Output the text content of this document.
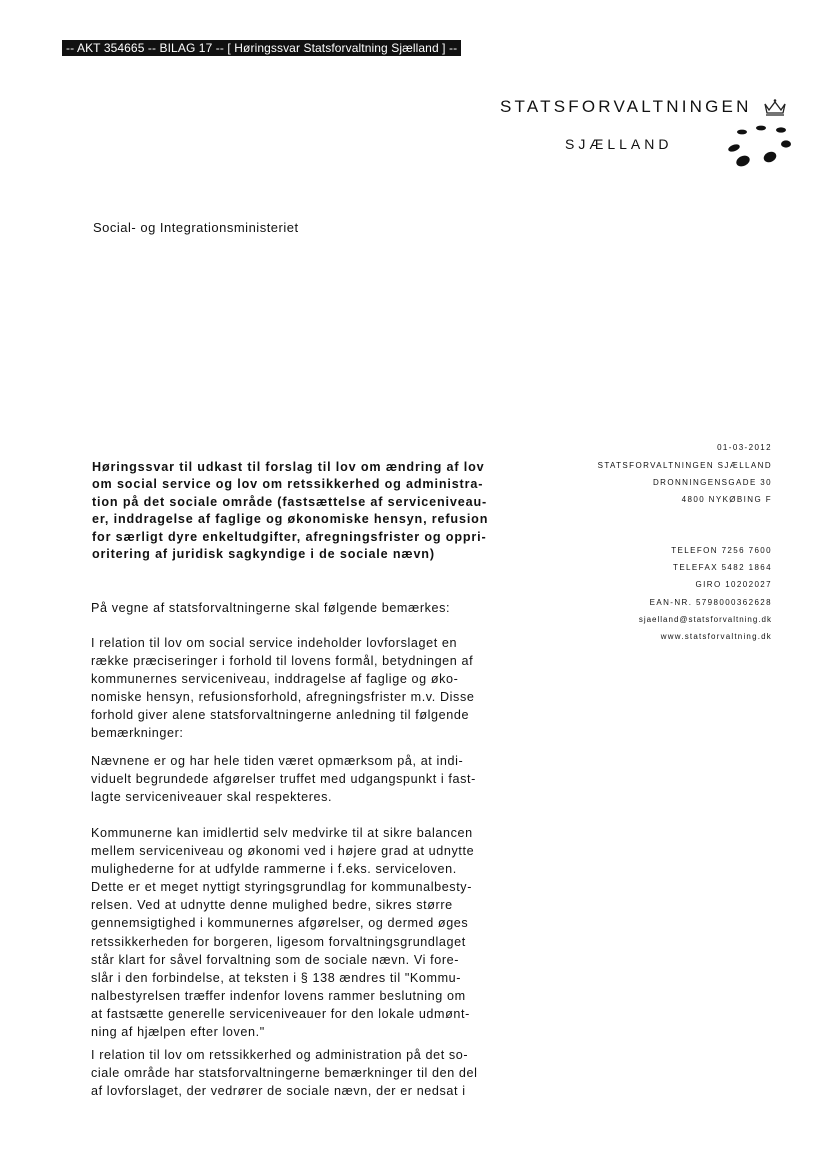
-- AKT 354665 -- BILAG 17 -- [ Høringssvar Statsforvaltning Sjælland ] --
STATSFORVALTNINGEN
SJÆLLAND
Social- og Integrationsministeriet
01-03-2012
STATSFORVALTNINGEN SJÆLLAND
DRONNINGENSGADE 30
4800 NYKØBING F
TELEFON 7256 7600
TELEFAX 5482 1864
GIRO 10202027
EAN-NR. 5798000362628
sjaelland@statsforvaltning.dk
www.statsforvaltning.dk
Høringssvar til udkast til forslag til lov om ændring af lov
om social service og lov om retssikkerhed og administra-
tion på det sociale område (fastsættelse af serviceniveau-
er, inddragelse af faglige og økonomiske hensyn, refusion
for særligt dyre enkeltudgifter, afregningsfrister og oppri-
oritering af juridisk sagkyndige i de sociale nævn)
På vegne af statsforvaltningerne skal følgende bemærkes:
I relation til lov om social service indeholder lovforslaget en
række præciseringer i forhold til lovens formål, betydningen af
kommunernes serviceniveau, inddragelse af faglige og øko-
nomiske hensyn, refusionsforhold, afregningsfrister m.v. Disse
forhold giver alene statsforvaltningerne anledning til følgende
bemærkninger:
Nævnene er og har hele tiden været opmærksom på, at indi-
viduelt begrundede afgørelser truffet med udgangspunkt i fast-
lagte serviceniveauer skal respekteres.
Kommunerne kan imidlertid selv medvirke til at sikre balancen
mellem serviceniveau og økonomi ved i højere grad at udnytte
mulighederne for at udfylde rammerne i f.eks. serviceloven.
Dette er et meget nyttigt styringsgrundlag for kommunalbesty-
relsen. Ved at udnytte denne mulighed bedre, sikres større
gennemsigtighed i kommunernes afgørelser, og dermed øges
retssikkerheden for borgeren, ligesom forvaltningsgrundlaget
står klart for såvel forvaltning som de sociale nævn. Vi fore-
slår i den forbindelse, at teksten i § 138 ændres til "Kommu-
nalbestyrelsen træffer indenfor lovens rammer beslutning om
at fastsætte generelle serviceniveauer for den lokale udmønt-
ning af hjælpen efter loven."
I relation til lov om retssikkerhed og administration på det so-
ciale område har statsforvaltningerne bemærkninger til den del
af lovforslaget, der vedrører de sociale nævn, der er nedsat i
